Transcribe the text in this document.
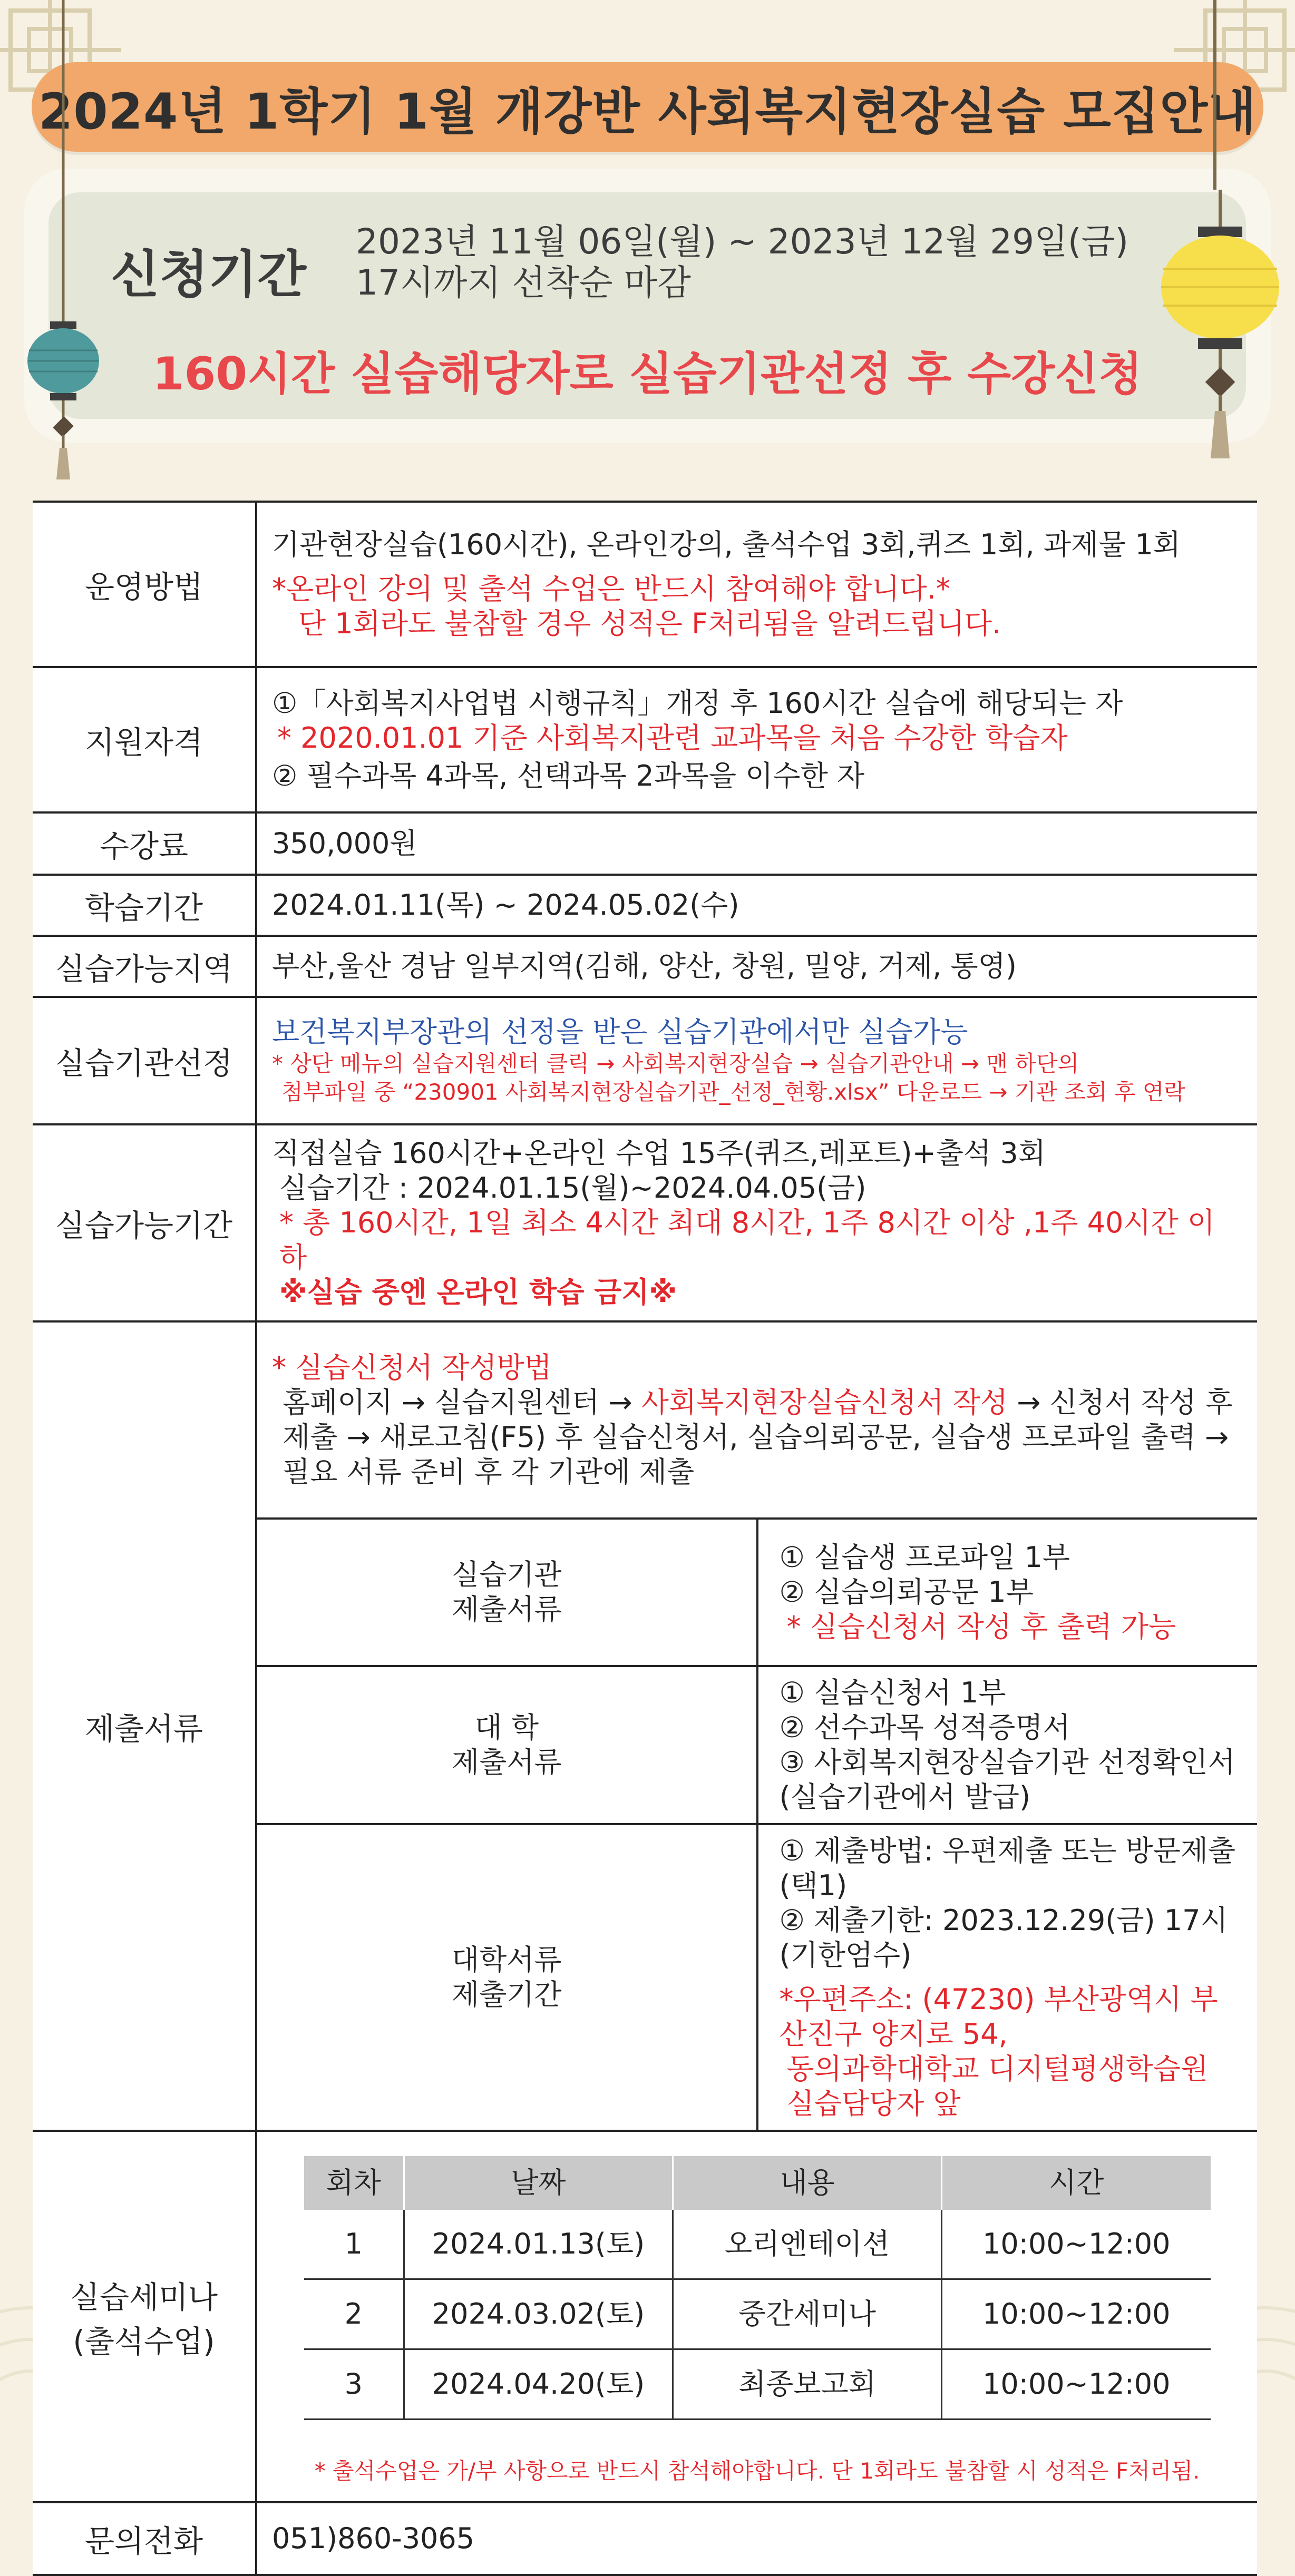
2024년 1학기 1월 개강반 사회복지현장실습 모집안내
신청기간
2023년 11월 06일(월) ~ 2023년 12월 29일(금)
17시까지 선착순 마감
160시간 실습해당자로 실습기관선정 후 수강신청
운영방법	
기관현장실습(160시간), 온라인강의, 출석수업 3회,퀴즈 1회, 과제물 1회
*온라인 강의 및 출석 수업은 반드시 참여해야 합니다.*
단 1회라도 불참할 경우 성적은 F처리됨을 알려드립니다.

지원자격	
①「사회복지사업법 시행규칙」개정 후 160시간 실습에 해당되는 자
* 2020.01.01 기준 사회복지관련 교과목을 처음 수강한 학습자
② 필수과목 4과목, 선택과목 2과목을 이수한 자

수강료	350,000원
학습기간	2024.01.11(목) ~ 2024.05.02(수)
실습가능지역	부산,울산 경남 일부지역(김해, 양산, 창원, 밀양, 거제, 통영)
실습기관선정	
보건복지부장관의 선정을 받은 실습기관에서만 실습가능
* 상단 메뉴의 실습지원센터 클릭 → 사회복지현장실습 → 실습기관안내 → 맨 하단의
첨부파일 중 “230901 사회복지현장실습기관_선정_현황.xlsx” 다운로드 → 기관 조회 후 연락

실습가능기간	
직접실습 160시간+온라인 수업 15주(퀴즈,레포트)+출석 3회
실습기간 : 2024.01.15(월)~2024.04.05(금)
* 총 160시간, 1일 최소 4시간 최대 8시간, 1주 8시간 이상 ,1주 40시간 이하
※실습 중엔 온라인 학습 금지※

제출서류	
* 실습신청서 작성방법
홈페이지 → 실습지원센터 → 사회복지현장실습신청서 작성 → 신청서 작성 후 제출 → 새로고침(F5) 후 실습신청서, 실습의뢰공문, 실습생 프로파일 출력 → 필요 서류 준비 후 각 기관에 제출

실습기관
제출서류

① 실습생 프로파일 1부
② 실습의뢰공문 1부
* 실습신청서 작성 후 출력 가능

대 학
제출서류

① 실습신청서 1부
② 선수과목 성적증명서
③ 사회복지현장실습기관 선정확인서(실습기관에서 발급)

대학서류
제출기간

① 제출방법: 우편제출 또는 방문제출 (택1)
② 제출기한: 2023.12.29(금) 17시 (기한엄수)
*우편주소: (47230) 부산광역시 부산진구 양지로 54,
동의과학대학교 디지털평생학습원 실습담당자 앞

실습세미나
(출석수업)

회차	날짜	내용	시간
1	2024.01.13(토)	오리엔테이션	10:00~12:00
2	2024.03.02(토)	중간세미나	10:00~12:00
3	2024.04.20(토)	최종보고회	10:00~12:00
* 출석수업은 가/부 사항으로 반드시 참석해야합니다. 단 1회라도 불참할 시 성적은 F처리됨.

문의전화	051)860-3065
